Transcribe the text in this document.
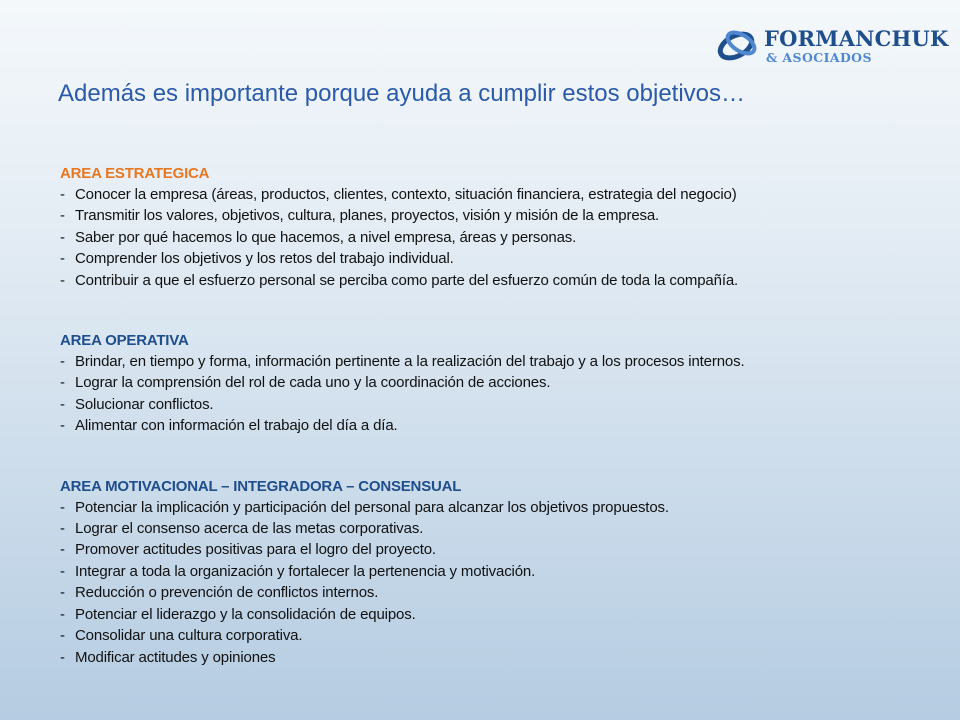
FORMANCHUK
& ASOCIADOS
Además es importante porque ayuda a cumplir estos objetivos…
AREA ESTRATEGICA
- Conocer la empresa (áreas, productos, clientes, contexto, situación financiera, estrategia del negocio)
- Transmitir los valores, objetivos, cultura, planes, proyectos, visión y misión de la empresa.
- Saber por qué hacemos lo que hacemos, a nivel empresa, áreas y personas.
- Comprender los objetivos y los retos del trabajo individual.
- Contribuir a que el esfuerzo personal se perciba como parte del esfuerzo común de toda la compañía.
AREA OPERATIVA
- Brindar, en tiempo y forma, información pertinente a la realización del trabajo y a los procesos internos.
- Lograr la comprensión del rol de cada uno y la coordinación de acciones.
- Solucionar conflictos.
- Alimentar con información el trabajo del día a día.
AREA MOTIVACIONAL – INTEGRADORA – CONSENSUAL
- Potenciar la implicación y participación del personal para alcanzar los objetivos propuestos.
- Lograr el consenso acerca de las metas corporativas.
- Promover actitudes positivas para el logro del proyecto.
- Integrar a toda la organización y fortalecer la pertenencia y motivación.
- Reducción o prevención de conflictos internos.
- Potenciar el liderazgo y la consolidación de equipos.
- Consolidar una cultura corporativa.
- Modificar actitudes y opiniones
